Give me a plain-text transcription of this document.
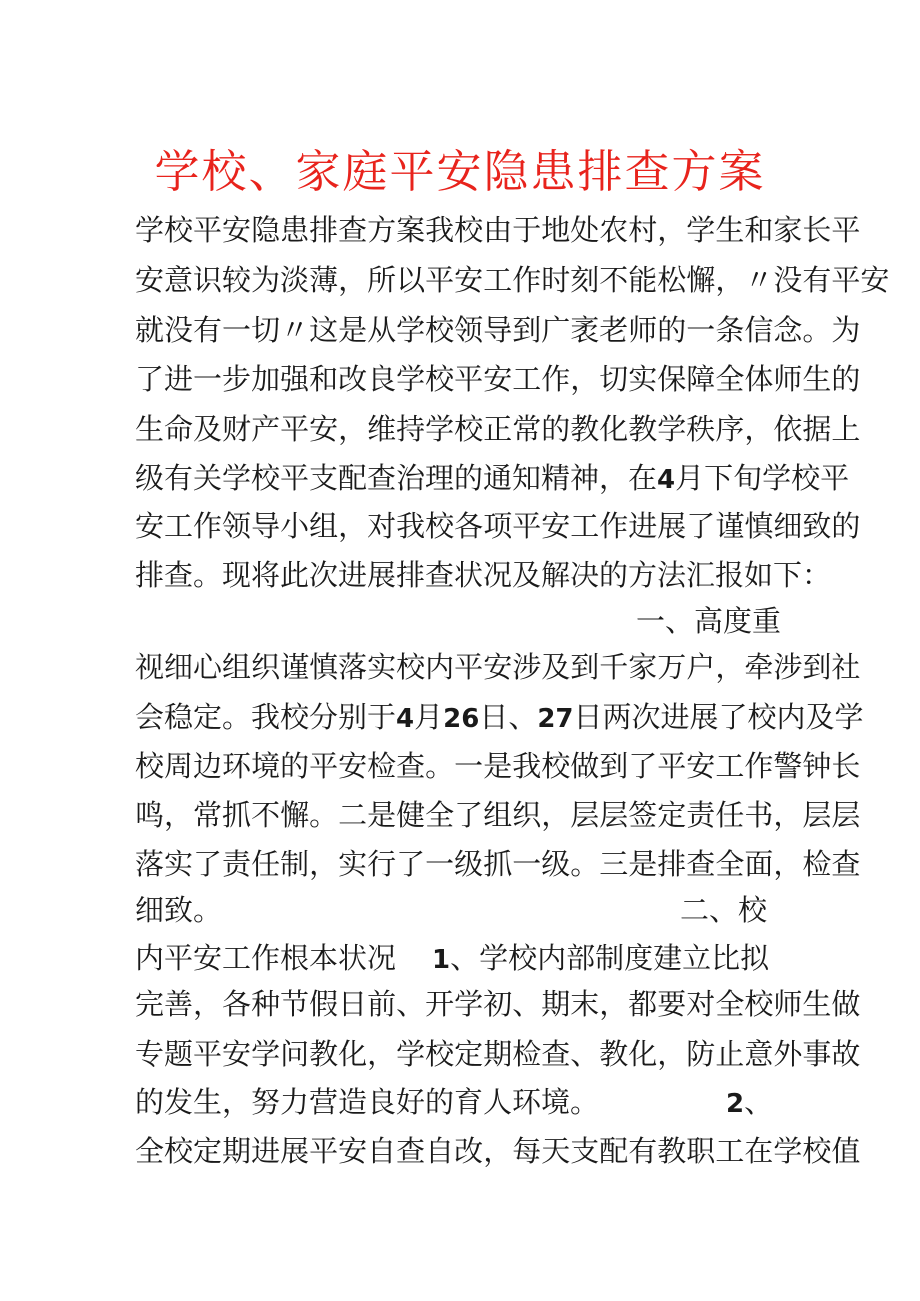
学校、家庭平安隐患排查方案
学 校 平 安 隐 患 排 查 方 案 我 校 由 于 地 处 农 村 ， 学 生 和 家 长 平
安 意 识 较 为 淡 薄 ， 所 以 平 安 工 作 时 刻 不 能 松 懈 ， 〃 没 有 平 安
就 没 有 一 切 〃 这 是 从 学 校 领 导 到 广 袤 老 师 的 一 条 信 念 。 为
了 进 一 步 加 强 和 改 良 学 校 平 安 工 作 ， 切 实 保 障 全 体 师 生 的
生 命 及 财 产 平 安 ， 维 持 学 校 正 常 的 教 化 教 学 秩 序 ， 依 据 上
级有关学校平支配查治理的通知精神，在4月下旬学校平
安 工 作 领 导 小 组 ， 对 我 校 各 项 平 安 工 作 进 展 了 谨 慎 细 致 的
排查。现将此次进展排查状况及解决的方法汇报如下：
一、高度重
视 细 心 组 织 谨 慎 落 实 校 内 平 安 涉 及 到 千 家 万 户 ， 牵 涉 到 社
会稳定。我校分别于4月26日、27日两次进展了校内及学
校 周 边 环 境 的 平 安 检 查 。 一 是 我 校 做 到 了 平 安 工 作 警 钟 长
鸣 ， 常 抓 不 懈 。 二 是 健 全 了 组 织 ， 层 层 签 定 责 任 书 ， 层 层
落 实 了 责 任 制 ， 实 行 了 一 级 抓 一 级 。 三 是 排 查 全 面 ， 检 查
细致。	二、校
内平安工作根本状况 1、学校内部制度建立比拟
完 善 ， 各 种 节 假 日 前 、 开 学 初 、 期 末 ， 都 要 对 全 校 师 生 做
专 题 平 安 学 问 教 化 ， 学 校 定 期 检 查 、 教 化 ， 防 止 意 外 事 故
的发生，努力营造良好的育人环境。	2、
全 校 定 期 进 展 平 安 自 查 自 改 ， 每 天 支 配 有 教 职 工 在 学 校 值
